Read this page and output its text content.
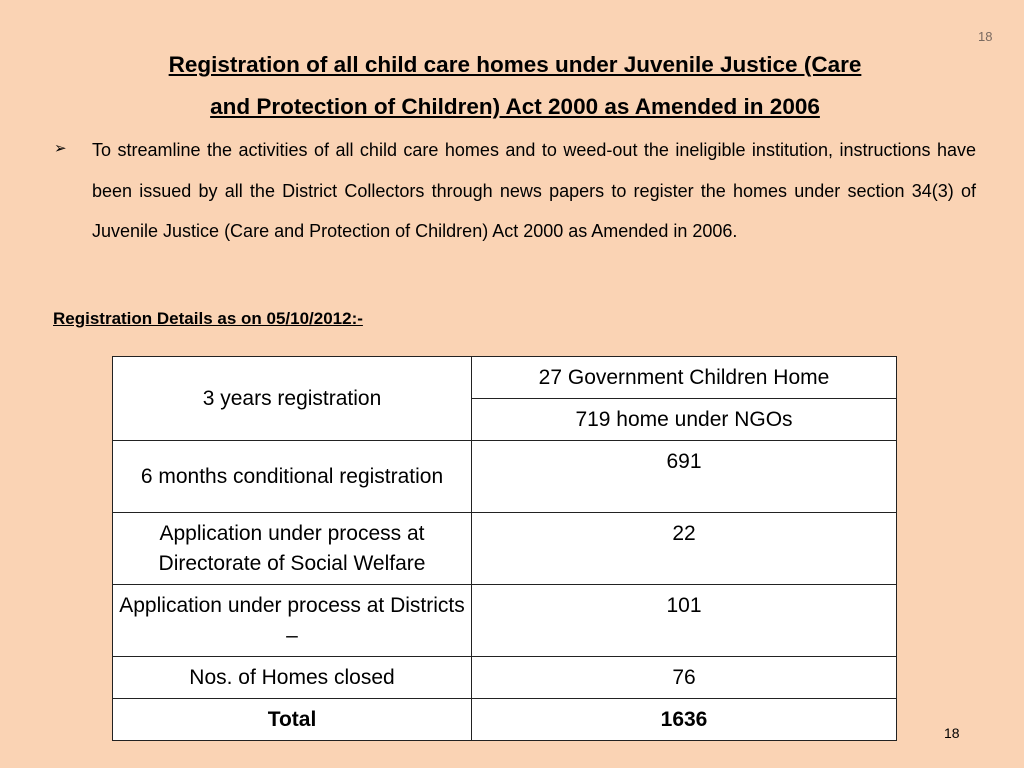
18
Registration of all child care homes under Juvenile Justice (Care
and Protection of Children) Act 2000 as Amended in 2006
➢ To streamline the activities of all child care homes and to weed-out the ineligible institution, instructions have been issued by all the District Collectors through news papers to register the homes under section 34(3) of Juvenile Justice (Care and Protection of Children) Act 2000 as Amended in 2006.
Registration Details as on 05/10/2012:-
3 years registration	27 Government Children Home
	719 home under NGOs
6 months conditional registration	691
Application under process at Directorate of Social Welfare	22
Application under process at Districts –	101
Nos. of Homes closed	76
Total	1636
18
